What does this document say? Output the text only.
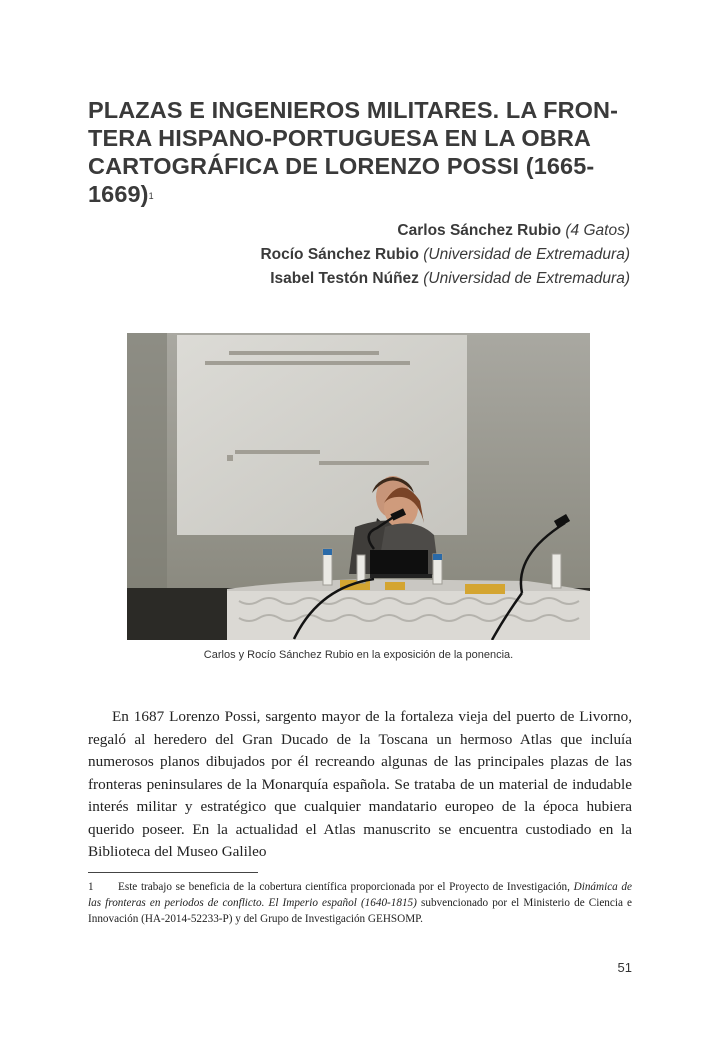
PLAZAS E INGENIEROS MILITARES. LA FRON-
TERA HISPANO-PORTUGUESA EN LA OBRA
CARTOGRÁFICA DE LORENZO POSSI (1665-1669)$^1$
Carlos Sánchez Rubio (4 Gatos)
Rocío Sánchez Rubio (Universidad de Extremadura)
Isabel Testón Núñez (Universidad de Extremadura)
Carlos y Rocío Sánchez Rubio en la exposición de la ponencia.

En 1687 Lorenzo Possi, sargento mayor de la fortaleza vieja del puerto de Livorno, regaló al heredero del Gran Ducado de la Toscana un hermoso Atlas que incluía numerosos planos dibujados por él recreando algunas de las principales plazas de las fronteras peninsulares de la Monarquía española. Se trataba de un material de indudable interés militar y estratégico que cualquier mandatario europeo de la época hubiera querido poseer. En la actualidad el Atlas manuscrito se encuentra custodiado en la Biblioteca del Museo Galileo

1 Este trabajo se beneficia de la cobertura científica proporcionada por el Proyecto de Investigación, Dinámica de las fronteras en periodos de conflicto. El Imperio español (1640-1815) subvencionado por el Ministerio de Ciencia e Innovación (HA-2014-52233-P) y del Grupo de Investigación GEHSOMP.
51
